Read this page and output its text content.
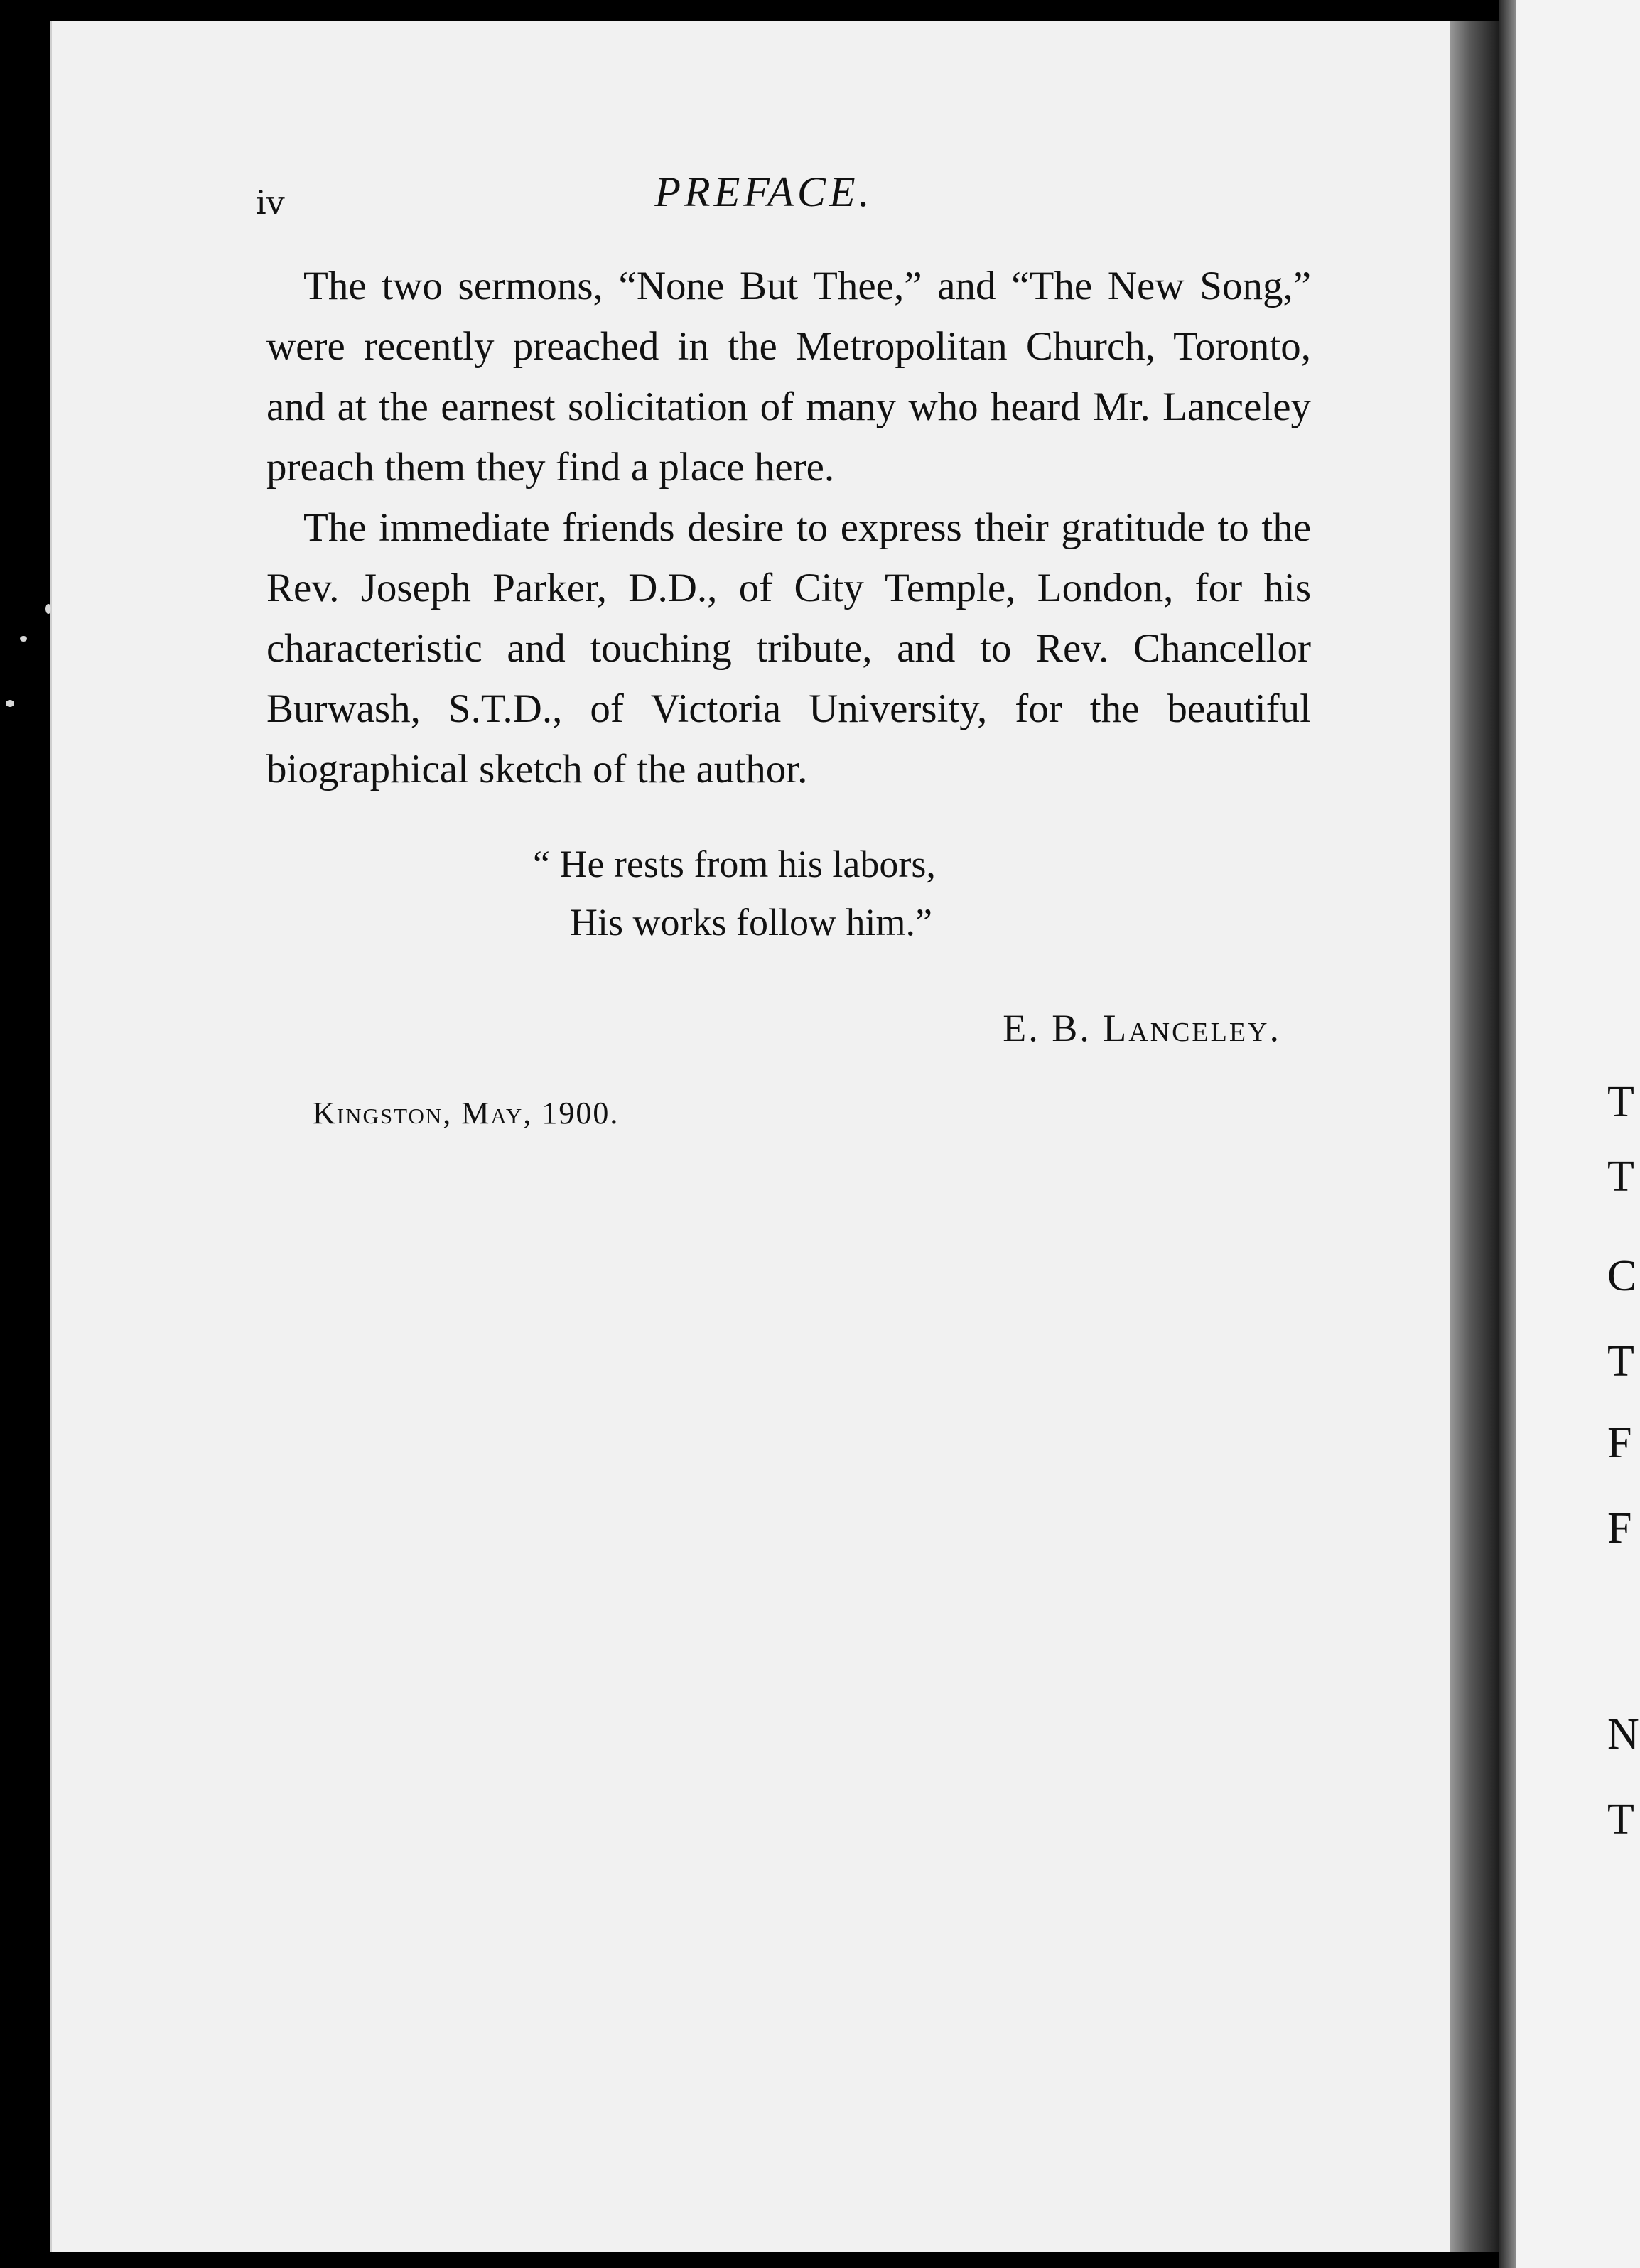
T
T
C
T
F
F
N
T
iv	PREFACE.

The two sermons, “None But Thee,” and “The New Song,” were recently preached in the Metropolitan Church, Toronto, and at the earnest solicitation of many who heard Mr. Lanceley preach them they find a place here.

The immediate friends desire to express their gratitude to the Rev. Joseph Parker, D.D., of City Temple, London, for his characteristic and touching tribute, and to Rev. Chancellor Burwash, S.T.D., of Victoria University, for the beautiful biographical sketch of the author.

“ He rests from his labors,
His works follow him.”
E. B. Lanceley.
Kingston, May, 1900.
